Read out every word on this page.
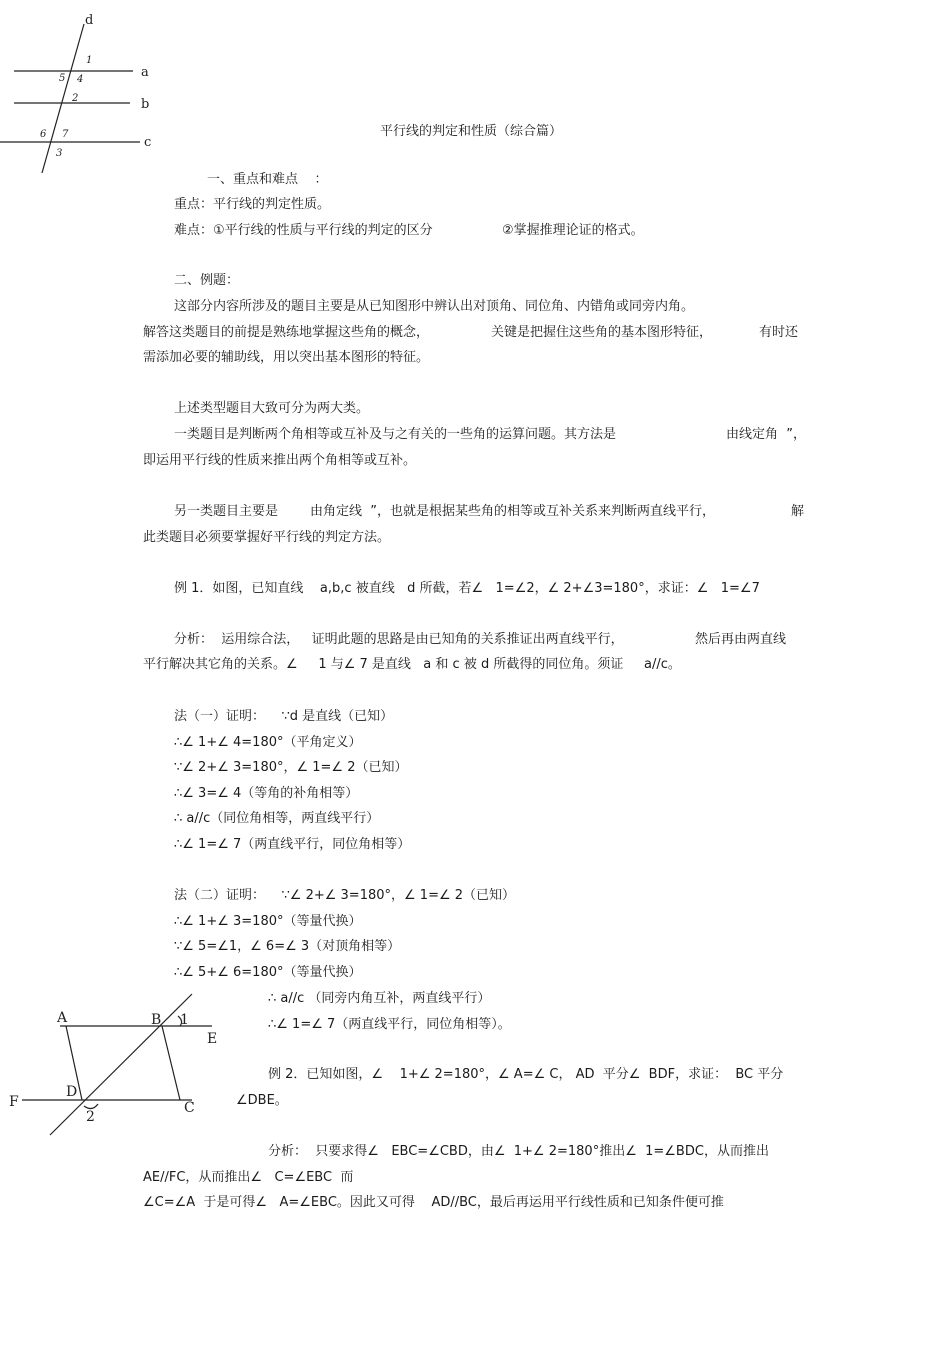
d
a
b
c
1
5 4
2
6 7
3
平行线的判定和性质（综合篇）
一、重点和难点    ：
重点：平行线的判定性质。
难点：①平行线的性质与平行线的判定的区分	②掌握推理论证的格式。
二、例题：
这部分内容所涉及的题目主要是从已知图形中辨认出对顶角、同位角、内错角或同旁内角。
解答这类题目的前提是熟练地掌握这些角的概念，	关键是把握住这些角的基本图形特征，	有时还
需添加必要的辅助线，用以突出基本图形的特征。
上述类型题目大致可分为两大类。
一类题目是判断两个角相等或互补及与之有关的一些角的运算问题。其方法是	由线定角  ”，
即运用平行线的性质来推出两个角相等或互补。
另一类题目主要是 由角定线  ”，也就是根据某些角的相等或互补关系来判断两直线平行，	解
此类题目必须要掌握好平行线的判定方法。
例 1．如图，已知直线    a,b,c 被直线   d 所截，若∠   1=∠2，∠ 2+∠3=180°，求证：∠   1=∠7
分析：  运用综合法，   证明此题的思路是由已知角的关系推证出两直线平行，	然后再由两直线
平行解决其它角的关系。∠     1 与∠ 7 是直线   a 和 c 被 d 所截得的同位角。须证     a//c。
法（一）证明：    ∵d 是直线（已知）
∴∠ 1+∠ 4=180°（平角定义）
∵∠ 2+∠ 3=180°，∠ 1=∠ 2（已知）
∴∠ 3=∠ 4（等角的补角相等）
∴ a//c（同位角相等，两直线平行）
∴∠ 1=∠ 7（两直线平行，同位角相等）
法（二）证明：    ∵∠ 2+∠ 3=180°，∠ 1=∠ 2（已知）
∴∠ 1+∠ 3=180°（等量代换）
∵∠ 5=∠1，∠ 6=∠ 3（对顶角相等）
∴∠ 5+∠ 6=180°（等量代换）
∴ a//c （同旁内角互补，两直线平行）
∴∠ 1=∠ 7（两直线平行，同位角相等）。
A	B
E
F
D
C
1
2
例 2．已知如图，∠    1+∠ 2=180°，∠ A=∠ C， AD  平分∠  BDF，求证：  BC 平分
∠DBE。
分析：  只要求得∠   EBC=∠CBD，由∠  1+∠ 2=180°推出∠  1=∠BDC，从而推出
AE//FC，从而推出∠   C=∠EBC  而
∠C=∠A  于是可得∠   A=∠EBC。因此又可得    AD//BC，最后再运用平行线性质和已知条件便可推
